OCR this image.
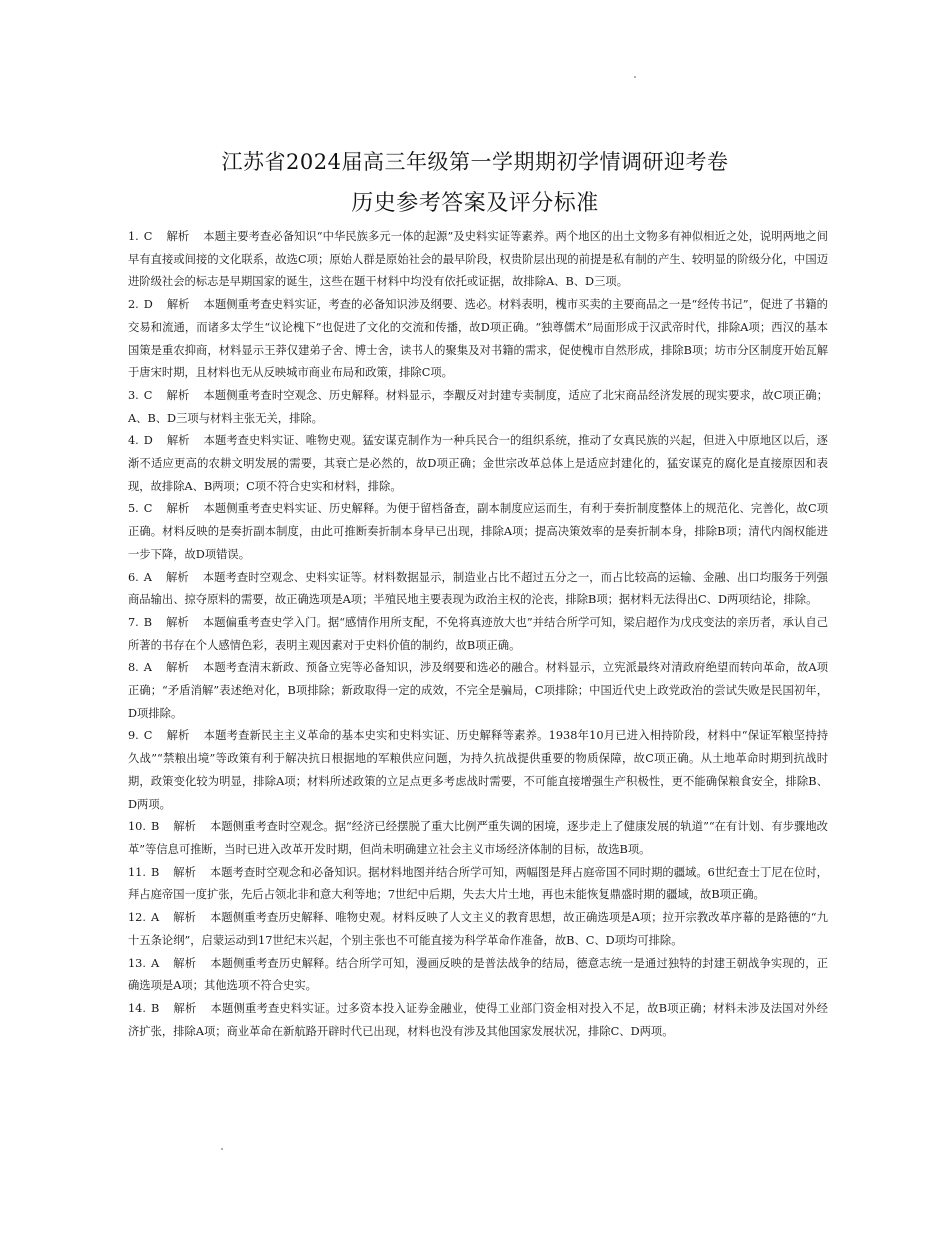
江苏省2024届高三年级第一学期期初学情调研迎考卷
历史参考答案及评分标准

1. C 解析 本题主要考查必备知识“中华民族多元一体的起源”及史料实证等素养。两个地区的出土文物多有神似相近之处，说明两地之间早有直接或间接的文化联系，故选C项；原始人群是原始社会的最早阶段，权贵阶层出现的前提是私有制的产生、较明显的阶级分化，中国迈进阶级社会的标志是早期国家的诞生，这些在题干材料中均没有依托或证据，故排除A、B、D三项。

2. D 解析 本题侧重考查史料实证，考查的必备知识涉及纲要、选必。材料表明，槐市买卖的主要商品之一是“经传书记”，促进了书籍的交易和流通，而诸多太学生“议论槐下”也促进了文化的交流和传播，故D项正确。“独尊儒术”局面形成于汉武帝时代，排除A项；西汉的基本国策是重农抑商，材料显示王莽仅建弟子舍、博士舍，读书人的聚集及对书籍的需求，促使槐市自然形成，排除B项；坊市分区制度开始瓦解于唐宋时期，且材料也无从反映城市商业布局和政策，排除C项。

3. C 解析 本题侧重考查时空观念、历史解释。材料显示，李觏反对封建专卖制度，适应了北宋商品经济发展的现实要求，故C项正确；A、B、D三项与材料主张无关，排除。

4. D 解析 本题考查史料实证、唯物史观。猛安谋克制作为一种兵民合一的组织系统，推动了女真民族的兴起，但进入中原地区以后，逐渐不适应更高的农耕文明发展的需要，其衰亡是必然的，故D项正确；金世宗改革总体上是适应封建化的，猛安谋克的腐化是直接原因和表现，故排除A、B两项；C项不符合史实和材料，排除。

5. C 解析 本题侧重考查史料实证、历史解释。为便于留档备查，副本制度应运而生，有利于奏折制度整体上的规范化、完善化，故C项正确。材料反映的是奏折副本制度，由此可推断奏折制本身早已出现，排除A项；提高决策效率的是奏折制本身，排除B项；清代内阁权能进一步下降，故D项错误。

6. A 解析 本题考查时空观念、史料实证等。材料数据显示，制造业占比不超过五分之一，而占比较高的运输、金融、出口均服务于列强商品输出、掠夺原料的需要，故正确选项是A项；半殖民地主要表现为政治主权的沦丧，排除B项；据材料无法得出C、D两项结论，排除。

7. B 解析 本题偏重考查史学入门。据“感情作用所支配，不免将真迹放大也”并结合所学可知，梁启超作为戊戌变法的亲历者，承认自己所著的书存在个人感情色彩，表明主观因素对于史料价值的制约，故B项正确。

8. A 解析 本题考查清末新政、预备立宪等必备知识，涉及纲要和选必的融合。材料显示，立宪派最终对清政府绝望而转向革命，故A项正确；“矛盾消解”表述绝对化，B项排除；新政取得一定的成效，不完全是骗局，C项排除；中国近代史上政党政治的尝试失败是民国初年，D项排除。

9. C 解析 本题考查新民主主义革命的基本史实和史料实证、历史解释等素养。1938年10月已进入相持阶段，材料中“保证军粮坚持持久战”“禁粮出境”等政策有利于解决抗日根据地的军粮供应问题，为持久抗战提供重要的物质保障，故C项正确。从土地革命时期到抗战时期，政策变化较为明显，排除A项；材料所述政策的立足点更多考虑战时需要，不可能直接增强生产积极性，更不能确保粮食安全，排除B、D两项。

10. B 解析 本题侧重考查时空观念。据“经济已经摆脱了重大比例严重失调的困境，逐步走上了健康发展的轨道”“在有计划、有步骤地改革”等信息可推断，当时已进入改革开发时期，但尚未明确建立社会主义市场经济体制的目标，故选B项。

11. B 解析 本题考查时空观念和必备知识。据材料地图并结合所学可知，两幅图是拜占庭帝国不同时期的疆域。6世纪查士丁尼在位时，拜占庭帝国一度扩张，先后占领北非和意大利等地；7世纪中后期，失去大片土地，再也未能恢复鼎盛时期的疆域，故B项正确。

12. A 解析 本题侧重考查历史解释、唯物史观。材料反映了人文主义的教育思想，故正确选项是A项；拉开宗教改革序幕的是路德的“九十五条论纲”，启蒙运动到17世纪末兴起，个别主张也不可能直接为科学革命作准备，故B、C、D项均可排除。

13. A 解析 本题侧重考查历史解释。结合所学可知，漫画反映的是普法战争的结局，德意志统一是通过独特的封建王朝战争实现的，正确选项是A项；其他选项不符合史实。

14. B 解析 本题侧重考查史料实证。过多资本投入证券金融业，使得工业部门资金相对投入不足，故B项正确；材料未涉及法国对外经济扩张，排除A项；商业革命在新航路开辟时代已出现，材料也没有涉及其他国家发展状况，排除C、D两项。
